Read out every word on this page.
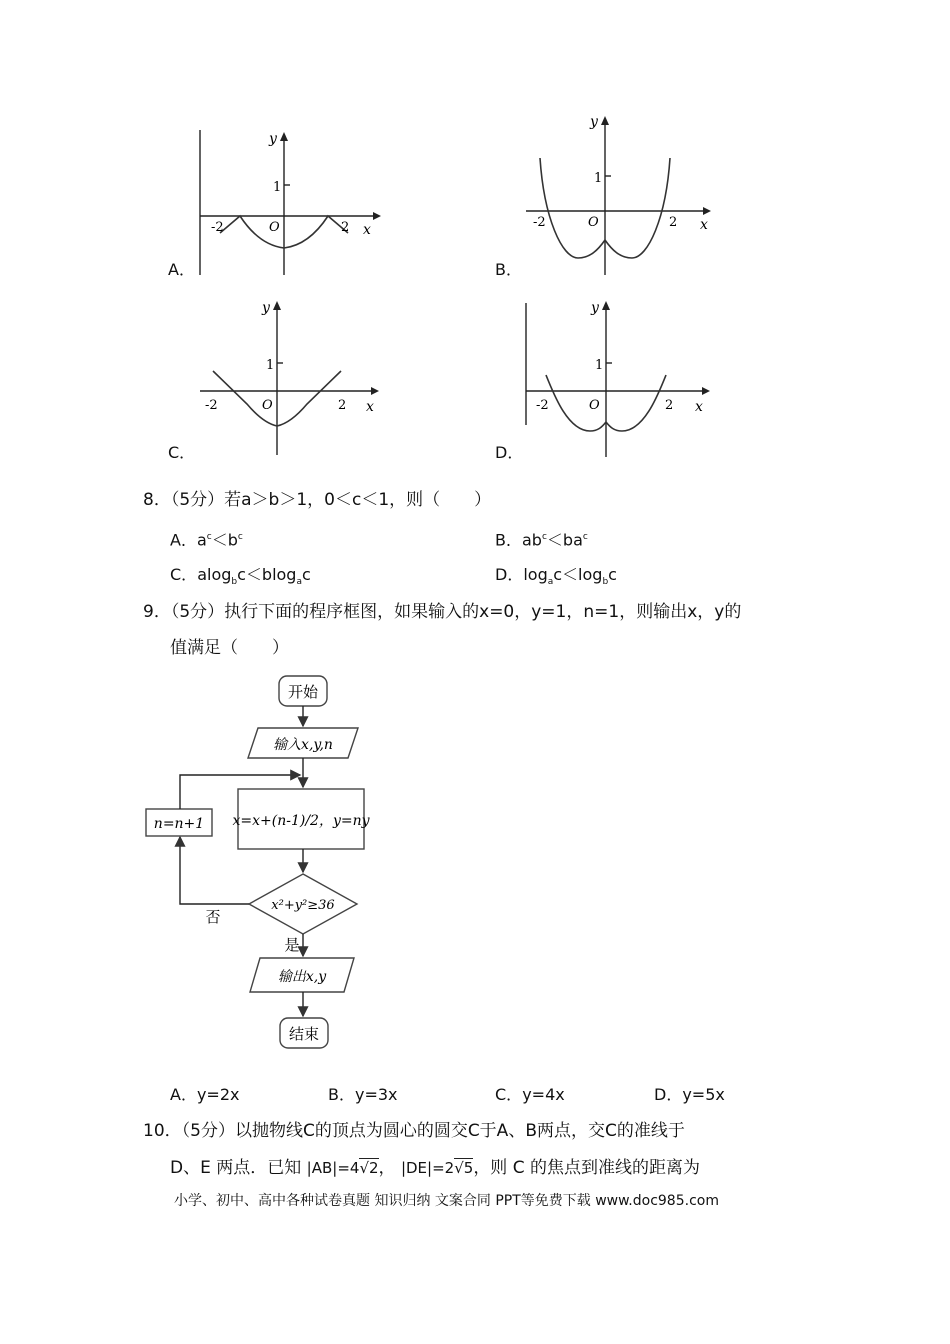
A．
y
1
-2	O	2 x
B．
y
1
-2	O	2 x
C．
y
1
-2	O	2 x
D．
y
1
-2	O	2 x
8．（5分）若a＞b＞1，0＜c＜1，则（　　）
A．$a^c<b^c$	B．$ab^c<ba^c$
C．alog$_b$c＜blog$_a$c	D．$\log_ac<\log_bc$
9．（5分）执行下面的程序框图，如果输入的x=0，y=1，n=1，则输出x，y的
值满足（　　）
开始
输入x,y,n
x=x+(n-1)/2，y=ny
x²+y²≥36
否
n=n+1
是
输出x,y
结束
A．y=2x	B．y=3x	C．y=4x	D．y=5x
10．（5分）以抛物线C的顶点为圆心的圆交C于A、B两点，交C的准线于
D、E 两点．已知 |AB|=4√2， |DE|=2√5，则 C 的焦点到准线的距离为
小学、初中、高中各种试卷真题 知识归纳 文案合同 PPT等免费下载 www.doc985.com
